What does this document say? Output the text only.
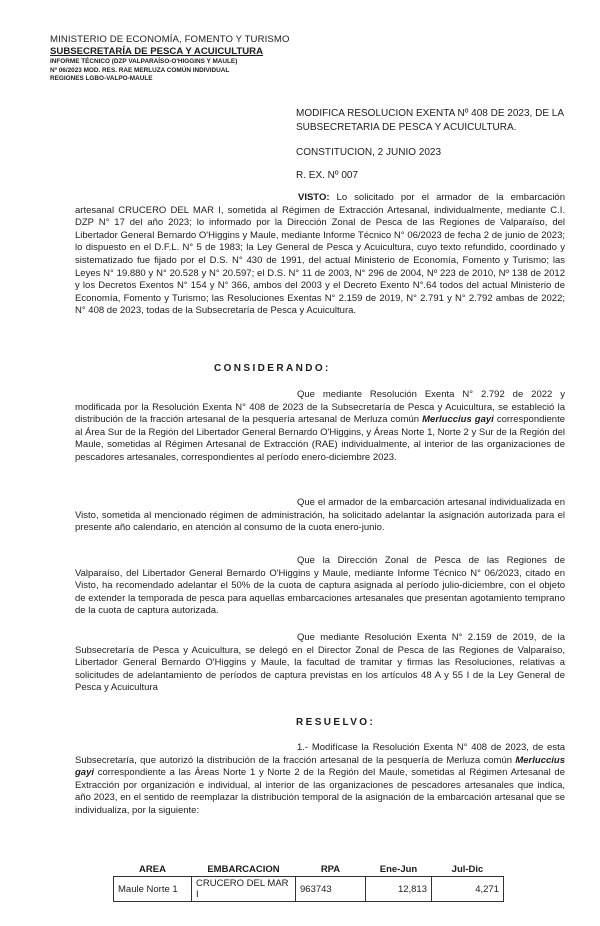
MINISTERIO DE ECONOMÍA, FOMENTO Y TURISMO
SUBSECRETARÍA DE PESCA Y ACUICULTURA
INFORME TÉCNICO (DZP VALPARAÍSO-O'HIGGINS Y MAULE)
Nº 06/2023 MOD. RES. RAE MERLUZA COMÚN INDIVIDUAL
REGIONES LGBO-VALPO-MAULE
MODIFICA RESOLUCION EXENTA Nº 408 DE 2023, DE LA SUBSECRETARIA DE PESCA Y ACUICULTURA.
CONSTITUCION, 2 JUNIO 2023
R. EX. Nº 007
VISTO: Lo solicitado por el armador de la embarcación artesanal CRUCERO DEL MAR I, sometida al Régimen de Extracción Artesanal, individualmente, mediante C.I. DZP N° 17 del año 2023; lo informado por la Dirección Zonal de Pesca de las Regiones de Valparaíso, del Libertador General Bernardo O'Higgins y Maule, mediante Informe Técnico N° 06/2023 de fecha 2 de junio de 2023; lo dispuesto en el D.F.L. N° 5 de 1983; la Ley General de Pesca y Acuicultura, cuyo texto refundido, coordinado y sistematizado fue fijado por el D.S. N° 430 de 1991, del actual Ministerio de Economía, Fomento y Turismo; las Leyes N° 19.880 y N° 20.528 y N° 20.597; el D.S. N° 11 de 2003, N° 296 de 2004, Nº 223 de 2010, Nº 138 de 2012 y los Decretos Exentos N° 154 y N° 366, ambos del 2003 y el Decreto Exento N°.64 todos del actual Ministerio de Economía, Fomento y Turismo; las Resoluciones Exentas N° 2.159 de 2019, N° 2.791 y N° 2.792 ambas de 2022; N° 408 de 2023, todas de la Subsecretaría de Pesca y Acuicultura.
CONSIDERANDO:
Que mediante Resolución Exenta N° 2.792 de 2022 y modificada por la Resolución Exenta N° 408 de 2023 de la Subsecretaría de Pesca y Acuicultura, se estableció la distribución de la fracción artesanal de la pesquería artesanal de Merluza común Merluccius gayi correspondiente al Área Sur de la Región del Libertador General Bernardo O'Higgins, y Áreas Norte 1, Norte 2 y Sur de la Región del Maule, sometidas al Régimen Artesanal de Extracción (RAE) individualmente, al interior de las organizaciones de pescadores artesanales, correspondientes al período enero-diciembre 2023.
Que el armador de la embarcación artesanal individualizada en Visto, sometida al mencionado régimen de administración, ha solicitado adelantar la asignación autorizada para el presente año calendario, en atención al consumo de la cuota enero-junio.
Que la Dirección Zonal de Pesca de las Regiones de Valparaíso, del Libertador General Bernardo O'Higgins y Maule, mediante Informe Técnico N° 06/2023, citado en Visto, ha recomendado adelantar el 50% de la cuota de captura asignada al período julio-diciembre, con el objeto de extender la temporada de pesca para aquellas embarcaciones artesanales que presentan agotamiento temprano de la cuota de captura autorizada.
Que mediante Resolución Exenta N° 2.159 de 2019, de la Subsecretaría de Pesca y Acuicultura, se delegó en el Director Zonal de Pesca de las Regiones de Valparaíso, Libertador General Bernardo O'Higgins y Maule, la facultad de tramitar y firmas las Resoluciones, relativas a solicitudes de adelantamiento de períodos de captura previstas en los artículos 48 A y 55 I de la Ley General de Pesca y Acuicultura
RESUELVO:
1.- Modifícase la Resolución Exenta N° 408 de 2023, de esta Subsecretaría, que autorizó la distribución de la fracción artesanal de la pesquería de Merluza común Merluccius gayi correspondiente a las Áreas Norte 1 y Norte 2 de la Región del Maule, sometidas al Régimen Artesanal de Extracción por organización e individual, al interior de las organizaciones de pescadores artesanales que indica, año 2023, en el sentido de reemplazar la distribución temporal de la asignación de la embarcación artesanal que se individualiza, por la siguiente:
AREA	EMBARCACION	RPA	Ene-Jun	Jul-Dic
Maule Norte 1	CRUCERO DEL MAR I	963743	12,813	4,271
